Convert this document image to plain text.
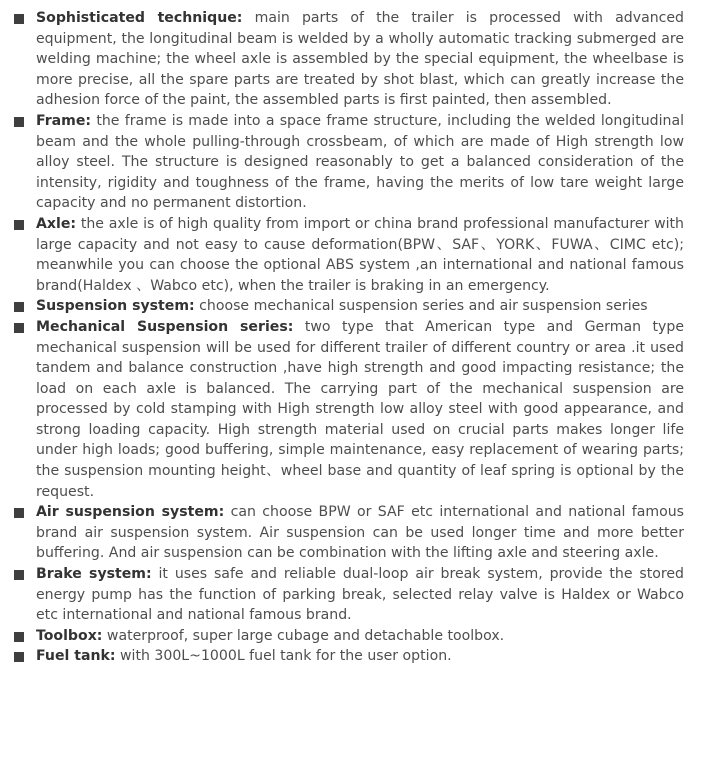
Sophisticated technique: main parts of the trailer is processed with advanced equipment, the longitudinal beam is welded by a wholly automatic tracking submerged are welding machine; the wheel axle is assembled by the special equipment, the wheelbase is more precise, all the spare parts are treated by shot blast, which can greatly increase the adhesion force of the paint, the assembled parts is first painted, then assembled.

Frame: the frame is made into a space frame structure, including the welded longitudinal beam and the whole pulling-through crossbeam, of which are made of High strength low alloy steel. The structure is designed reasonably to get a balanced consideration of the intensity, rigidity and toughness of the frame, having the merits of low tare weight large capacity and no permanent distortion.

Axle: the axle is of high quality from import or china brand professional manufacturer with large capacity and not easy to cause deformation(BPW、SAF、YORK、FUWA、CIMC etc); meanwhile you can choose the optional ABS system ,an international and national famous brand(Haldex 、Wabco etc), when the trailer is braking in an emergency.

Suspension system: choose mechanical suspension series and air suspension series

Mechanical Suspension series: two type that American type and German type mechanical suspension will be used for different trailer of different country or area .it used tandem and balance construction ,have high strength and good impacting resistance; the load on each axle is balanced. The carrying part of the mechanical suspension are processed by cold stamping with High strength low alloy steel with good appearance, and strong loading capacity. High strength material used on crucial parts makes longer life under high loads; good buffering, simple maintenance, easy replacement of wearing parts; the suspension mounting height、wheel base and quantity of leaf spring is optional by the request.

Air suspension system: can choose BPW or SAF etc international and national famous brand air suspension system. Air suspension can be used longer time and more better buffering. And air suspension can be combination with the lifting axle and steering axle.

Brake system: it uses safe and reliable dual-loop air break system, provide the stored energy pump has the function of parking break, selected relay valve is Haldex or Wabco etc international and national famous brand.

Toolbox: waterproof, super large cubage and detachable toolbox.

Fuel tank: with 300L~1000L fuel tank for the user option.
